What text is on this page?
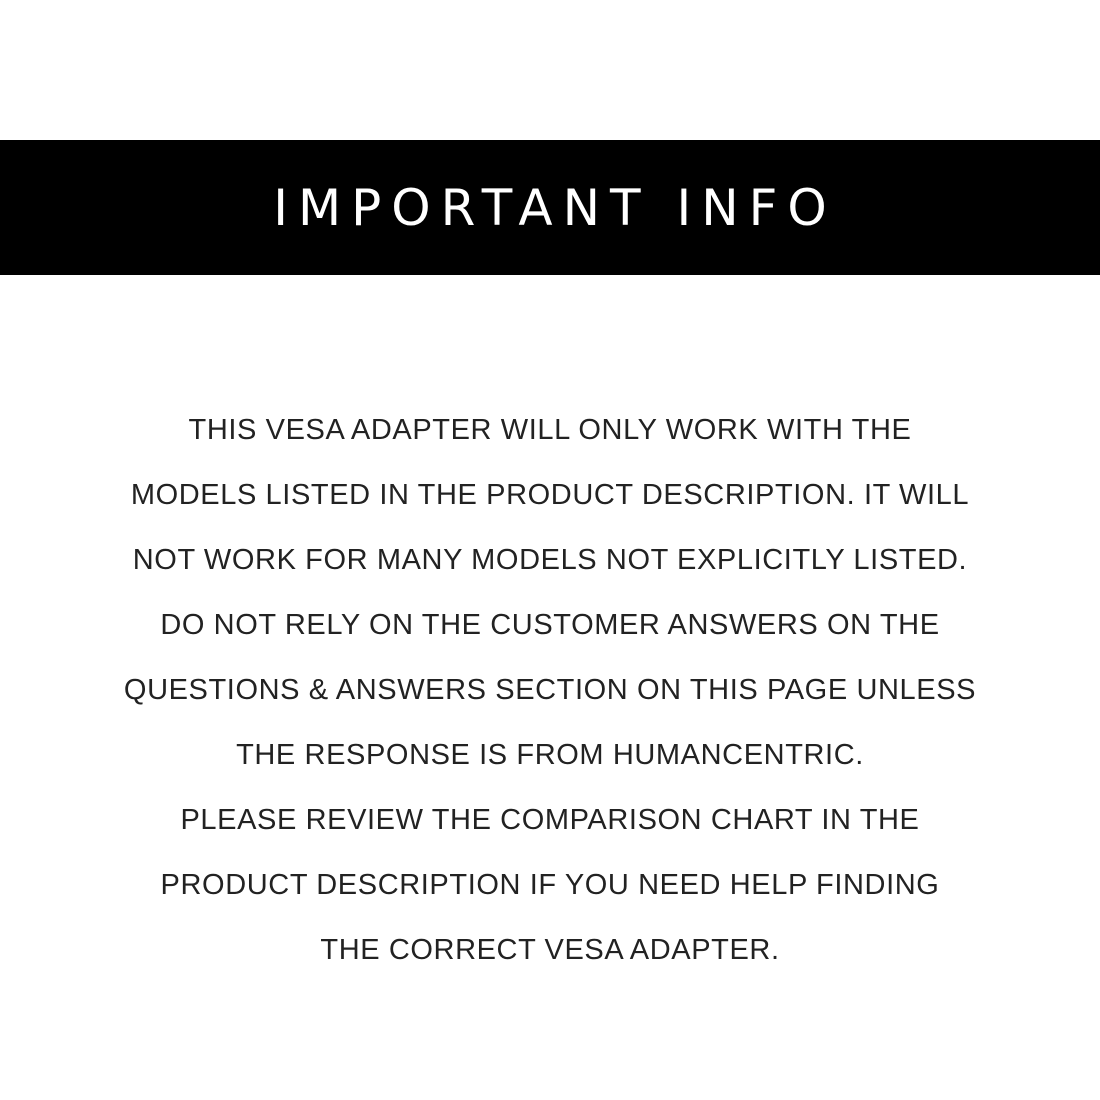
IMPORTANT INFO
THIS VESA ADAPTER WILL ONLY WORK WITH THE
MODELS LISTED IN THE PRODUCT DESCRIPTION. IT WILL
NOT WORK FOR MANY MODELS NOT EXPLICITLY LISTED.
DO NOT RELY ON THE CUSTOMER ANSWERS ON THE
QUESTIONS & ANSWERS SECTION ON THIS PAGE UNLESS
THE RESPONSE IS FROM HUMANCENTRIC.
PLEASE REVIEW THE COMPARISON CHART IN THE
PRODUCT DESCRIPTION IF YOU NEED HELP FINDING
THE CORRECT VESA ADAPTER.
